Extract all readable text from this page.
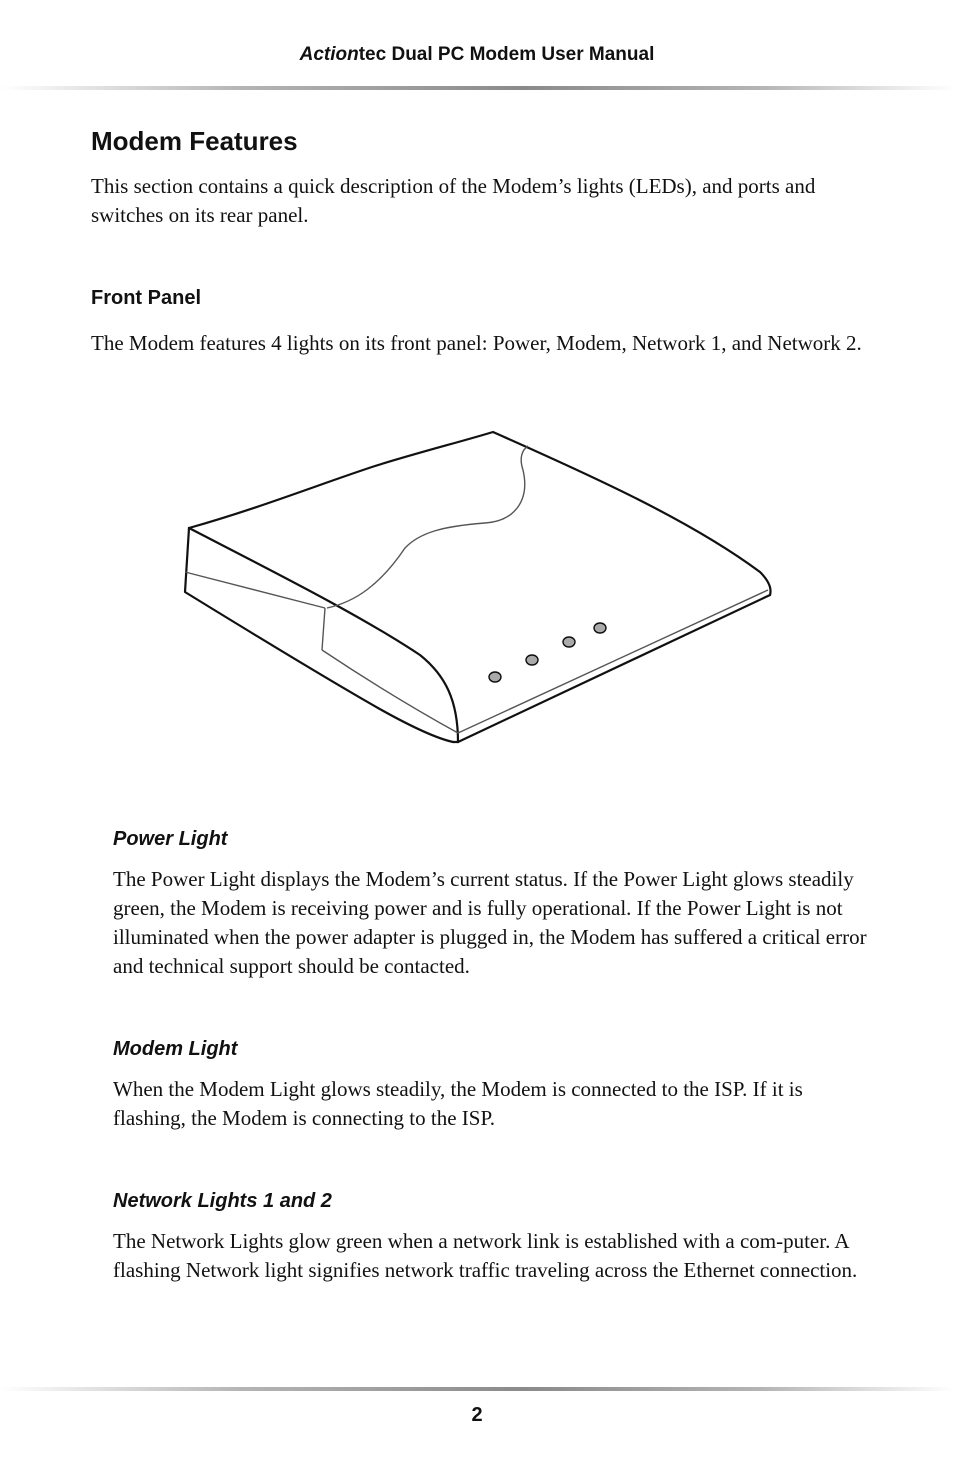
Actiontec Dual PC Modem User Manual
Modem Features

This section contains a quick description of the Modem’s lights (LEDs), and ports and switches on its rear panel.

Front Panel

The Modem features 4 lights on its front panel: Power, Modem, Network 1, and Network 2.

Power Light

The Power Light displays the Modem’s current status. If the Power Light glows steadily green, the Modem is receiving power and is fully operational. If the Power Light is not illuminated when the power adapter is plugged in, the Modem has suffered a critical error and technical support should be contacted.

Modem Light

When the Modem Light glows steadily, the Modem is connected to the ISP. If it is flashing, the Modem is connecting to the ISP.

Network Lights 1 and 2

The Network Lights glow green when a network link is established with a com-puter. A flashing Network light signifies network traffic traveling across the Ethernet connection.

2
